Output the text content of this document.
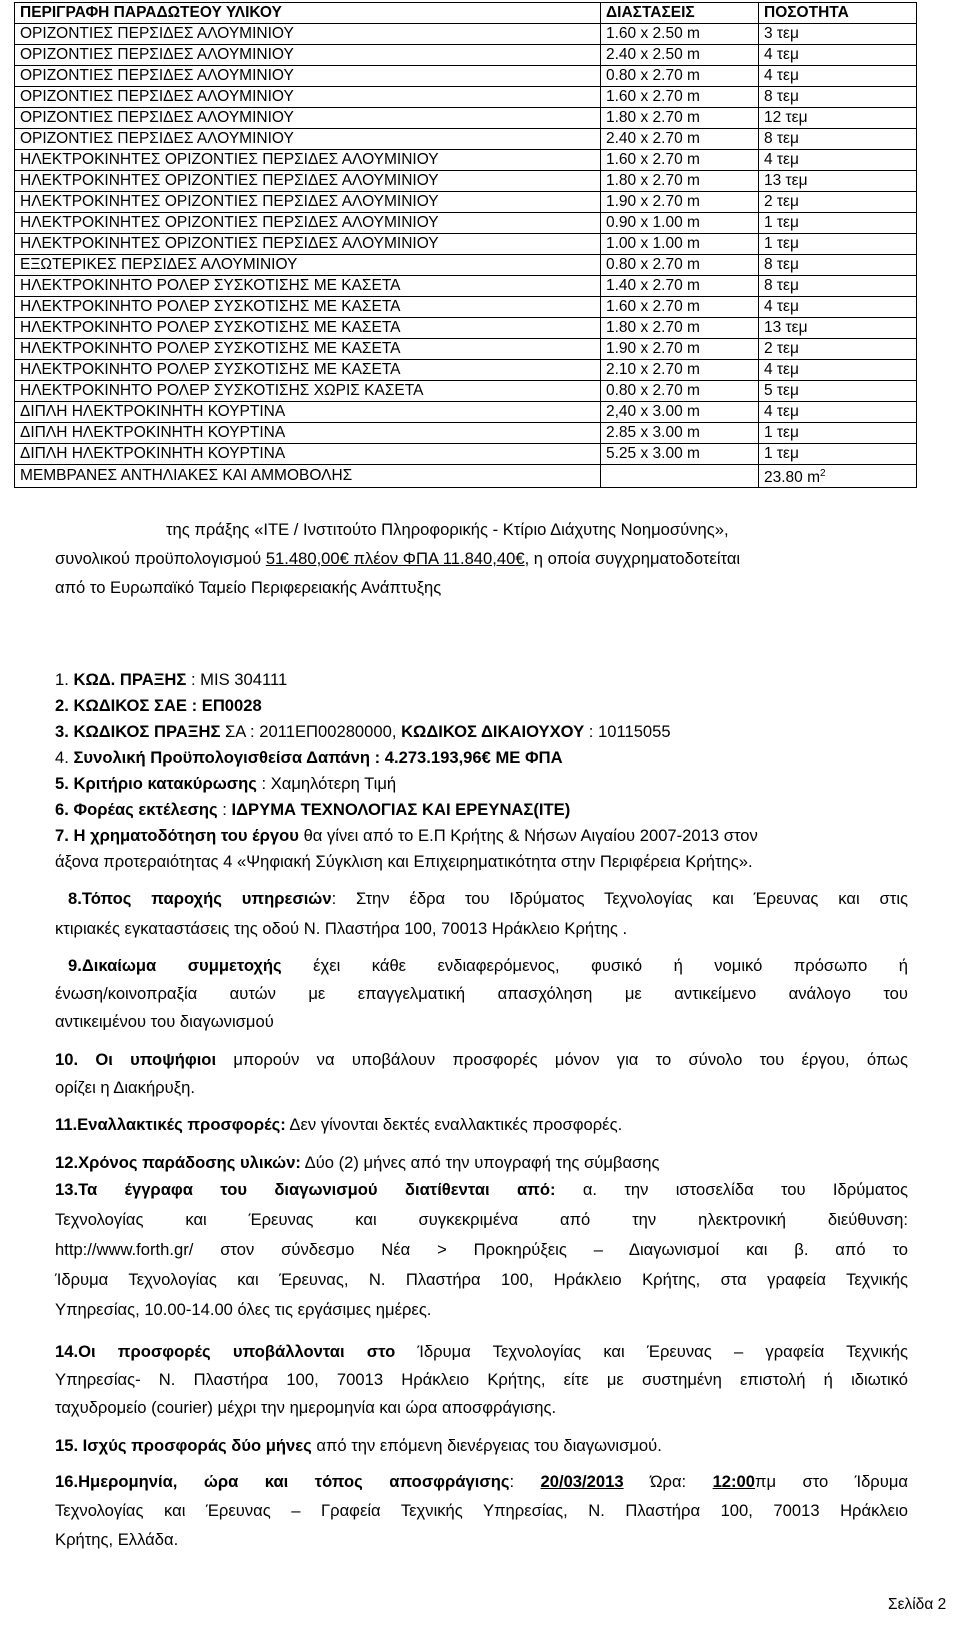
ΠΕΡΙΓΡΑΦΗ ΠΑΡΑΔΩΤΕΟΥ ΥΛΙΚΟΥ	ΔΙΑΣΤΑΣΕΙΣ	ΠΟΣΟΤΗΤΑ
ΟΡΙΖΟΝΤΙΕΣ ΠΕΡΣΙΔΕΣ ΑΛΟΥΜΙΝΙΟΥ	1.60 x 2.50 m	3 τεμ
ΟΡΙΖΟΝΤΙΕΣ ΠΕΡΣΙΔΕΣ ΑΛΟΥΜΙΝΙΟΥ	2.40 x 2.50 m	4 τεμ
ΟΡΙΖΟΝΤΙΕΣ ΠΕΡΣΙΔΕΣ ΑΛΟΥΜΙΝΙΟΥ	0.80 x 2.70 m	4 τεμ
ΟΡΙΖΟΝΤΙΕΣ ΠΕΡΣΙΔΕΣ ΑΛΟΥΜΙΝΙΟΥ	1.60 x 2.70 m	8 τεμ
ΟΡΙΖΟΝΤΙΕΣ ΠΕΡΣΙΔΕΣ ΑΛΟΥΜΙΝΙΟΥ	1.80 x 2.70 m	12 τεμ
ΟΡΙΖΟΝΤΙΕΣ ΠΕΡΣΙΔΕΣ ΑΛΟΥΜΙΝΙΟΥ	2.40 x 2.70 m	8 τεμ
ΗΛΕΚΤΡΟΚΙΝΗΤΕΣ ΟΡΙΖΟΝΤΙΕΣ ΠΕΡΣΙΔΕΣ ΑΛΟΥΜΙΝΙΟΥ	1.60 x 2.70 m	4 τεμ
ΗΛΕΚΤΡΟΚΙΝΗΤΕΣ ΟΡΙΖΟΝΤΙΕΣ ΠΕΡΣΙΔΕΣ ΑΛΟΥΜΙΝΙΟΥ	1.80 x 2.70 m	13 τεμ
ΗΛΕΚΤΡΟΚΙΝΗΤΕΣ ΟΡΙΖΟΝΤΙΕΣ ΠΕΡΣΙΔΕΣ ΑΛΟΥΜΙΝΙΟΥ	1.90 x 2.70 m	2 τεμ
ΗΛΕΚΤΡΟΚΙΝΗΤΕΣ ΟΡΙΖΟΝΤΙΕΣ ΠΕΡΣΙΔΕΣ ΑΛΟΥΜΙΝΙΟΥ	0.90 x 1.00 m	1 τεμ
ΗΛΕΚΤΡΟΚΙΝΗΤΕΣ ΟΡΙΖΟΝΤΙΕΣ ΠΕΡΣΙΔΕΣ ΑΛΟΥΜΙΝΙΟΥ	1.00 x 1.00 m	1 τεμ
ΕΞΩΤΕΡΙΚΕΣ ΠΕΡΣΙΔΕΣ ΑΛΟΥΜΙΝΙΟΥ	0.80 x 2.70 m	8 τεμ
ΗΛΕΚΤΡΟΚΙΝΗΤΟ ΡΟΛΕΡ ΣΥΣΚΟΤΙΣΗΣ ΜΕ ΚΑΣΕΤΑ	1.40 x 2.70 m	8 τεμ
ΗΛΕΚΤΡΟΚΙΝΗΤΟ ΡΟΛΕΡ ΣΥΣΚΟΤΙΣΗΣ ΜΕ ΚΑΣΕΤΑ	1.60 x 2.70 m	4 τεμ
ΗΛΕΚΤΡΟΚΙΝΗΤΟ ΡΟΛΕΡ ΣΥΣΚΟΤΙΣΗΣ ΜΕ ΚΑΣΕΤΑ	1.80 x 2.70 m	13 τεμ
ΗΛΕΚΤΡΟΚΙΝΗΤΟ ΡΟΛΕΡ ΣΥΣΚΟΤΙΣΗΣ ΜΕ ΚΑΣΕΤΑ	1.90 x 2.70 m	2 τεμ
ΗΛΕΚΤΡΟΚΙΝΗΤΟ ΡΟΛΕΡ ΣΥΣΚΟΤΙΣΗΣ ΜΕ ΚΑΣΕΤΑ	2.10 x 2.70 m	4 τεμ
ΗΛΕΚΤΡΟΚΙΝΗΤΟ ΡΟΛΕΡ ΣΥΣΚΟΤΙΣΗΣ ΧΩΡΙΣ ΚΑΣΕΤΑ	0.80 x 2.70 m	5 τεμ
ΔΙΠΛΗ ΗΛΕΚΤΡΟΚΙΝΗΤΗ ΚΟΥΡΤΙΝΑ	2,40 x 3.00 m	4 τεμ
ΔΙΠΛΗ ΗΛΕΚΤΡΟΚΙΝΗΤΗ ΚΟΥΡΤΙΝΑ	2.85 x 3.00 m	1 τεμ
ΔΙΠΛΗ ΗΛΕΚΤΡΟΚΙΝΗΤΗ ΚΟΥΡΤΙΝΑ	5.25 x 3.00 m	1 τεμ
ΜΕΜΒΡΑΝΕΣ ΑΝΤΗΛΙΑΚΕΣ ΚΑΙ ΑΜΜΟΒΟΛΗΣ		23.80 $m^2$
της πράξης «ΙΤΕ / Ινστιτούτο Πληροφορικής - Κτίριο Διάχυτης Νοημοσύνης»,
συνολικού προϋπολογισμού 51.480,00€ πλέον ΦΠΑ 11.840,40€, η οποία συγχρηματοδοτείται
από το Ευρωπαϊκό Ταμείο Περιφερειακής Ανάπτυξης
1. ΚΩΔ. ΠΡΑΞΗΣ : MIS 304111
2. ΚΩΔΙΚΟΣ ΣΑΕ : ΕΠ0028
3. ΚΩΔΙΚΟΣ ΠΡΑΞΗΣ ΣΑ : 2011ΕΠ00280000, ΚΩΔΙΚΟΣ ΔΙΚΑΙΟΥΧΟΥ : 10115055
4. Συνολική Προϋπολογισθείσα Δαπάνη : 4.273.193,96€ ΜΕ ΦΠΑ
5. Κριτήριο κατακύρωσης : Χαμηλότερη Τιμή
6. Φορέας εκτέλεσης : ΙΔΡΥΜΑ ΤΕΧΝΟΛΟΓΙΑΣ ΚΑΙ ΕΡΕΥΝΑΣ(ΙΤΕ)
7. Η χρηματοδότηση του έργου θα γίνει από το Ε.Π Κρήτης & Νήσων Αιγαίου 2007-2013 στον
άξονα προτεραιότητας 4 «Ψηφιακή Σύγκλιση και Επιχειρηματικότητα στην Περιφέρεια Κρήτης».
8.Τόπος παροχής υπηρεσιών: Στην έδρα του Ιδρύματος Τεχνολογίας και Έρευνας και στις
κτιριακές εγκαταστάσεις της οδού Ν. Πλαστήρα 100, 70013 Ηράκλειο Κρήτης .
9.Δικαίωμα συμμετοχής έχει κάθε ενδιαφερόμενος, φυσικό ή νομικό πρόσωπο ή
ένωση/κοινοπραξία αυτών με επαγγελματική απασχόληση με αντικείμενο ανάλογο του
αντικειμένου του διαγωνισμού
10. Οι υποψήφιοι μπορούν να υποβάλουν προσφορές μόνον για το σύνολο του έργου, όπως
ορίζει η Διακήρυξη.
11.Εναλλακτικές προσφορές: Δεν γίνονται δεκτές εναλλακτικές προσφορές.
12.Χρόνος παράδοσης υλικών: Δύο (2) μήνες από την υπογραφή της σύμβασης
13.Τα έγγραφα του διαγωνισμού διατίθενται από: α. την ιστοσελίδα του Ιδρύματος
Τεχνολογίας και Έρευνας και συγκεκριμένα από την ηλεκτρονική διεύθυνση:
http://www.forth.gr/ στον σύνδεσμο Νέα > Προκηρύξεις – Διαγωνισμοί και β. από το
Ίδρυμα Τεχνολογίας και Έρευνας, Ν. Πλαστήρα 100, Ηράκλειο Κρήτης, στα γραφεία Τεχνικής
Υπηρεσίας, 10.00-14.00 όλες τις εργάσιμες ημέρες.
14.Οι προσφορές υποβάλλονται στο Ίδρυμα Τεχνολογίας και Έρευνας – γραφεία Τεχνικής
Υπηρεσίας- Ν. Πλαστήρα 100, 70013 Ηράκλειο Κρήτης, είτε με συστημένη επιστολή ή ιδιωτικό
ταχυδρομείο (courier) μέχρι την ημερομηνία και ώρα αποσφράγισης.
15. Ισχύς προσφοράς δύο μήνες από την επόμενη διενέργειας του διαγωνισμού.
16.Ημερομηνία, ώρα και τόπος αποσφράγισης: 20/03/2013 Ώρα: 12:00πμ στο Ίδρυμα
Τεχνολογίας και Έρευνας – Γραφεία Τεχνικής Υπηρεσίας, Ν. Πλαστήρα 100, 70013 Ηράκλειο
Κρήτης, Ελλάδα.
Σελίδα 2
